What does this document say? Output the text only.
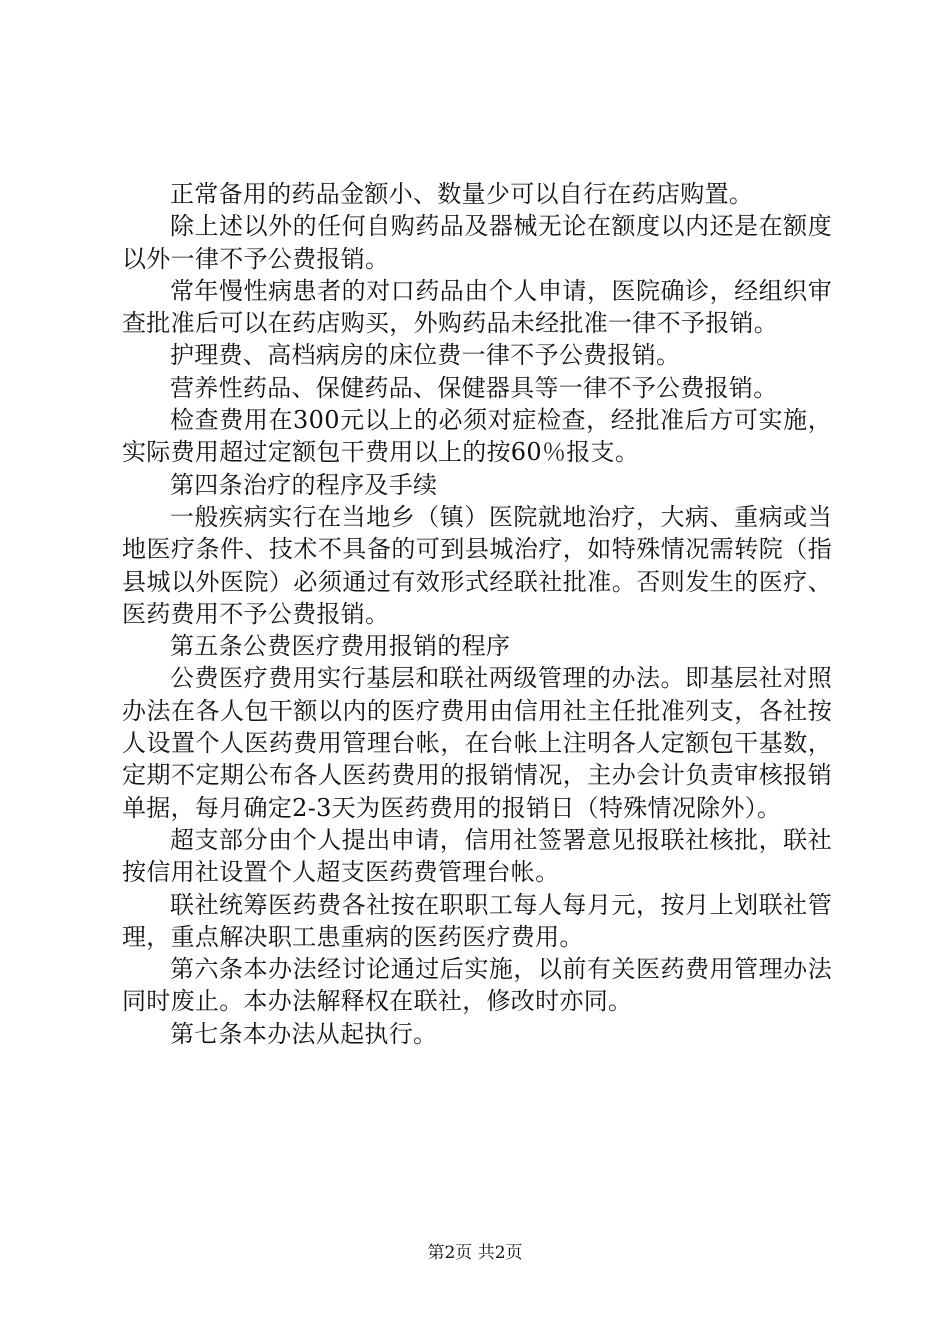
正常备用的药品金额小、数量少可以自行在药店购置。

除上述以外的任何自购药品及器械无论在额度以内还是在额度以外一律不予公费报销。

常年慢性病患者的对口药品由个人申请，医院确诊，经组织审查批准后可以在药店购买，外购药品未经批准一律不予报销。

护理费、高档病房的床位费一律不予公费报销。

营养性药品、保健药品、保健器具等一律不予公费报销。

检查费用在300元以上的必须对症检查，经批准后方可实施，实际费用超过定额包干费用以上的按60％报支。

第四条治疗的程序及手续

一般疾病实行在当地乡（镇）医院就地治疗，大病、重病或当地医疗条件、技术不具备的可到县城治疗，如特殊情况需转院（指县城以外医院）必须通过有效形式经联社批准。否则发生的医疗、医药费用不予公费报销。

第五条公费医疗费用报销的程序

公费医疗费用实行基层和联社两级管理的办法。即基层社对照办法在各人包干额以内的医疗费用由信用社主任批准列支，各社按人设置个人医药费用管理台帐，在台帐上注明各人定额包干基数，定期不定期公布各人医药费用的报销情况，主办会计负责审核报销单据，每月确定2-3天为医药费用的报销日（特殊情况除外）。

超支部分由个人提出申请，信用社签署意见报联社核批，联社按信用社设置个人超支医药费管理台帐。

联社统筹医药费各社按在职职工每人每月元，按月上划联社管理，重点解决职工患重病的医药医疗费用。

第六条本办法经讨论通过后实施，以前有关医药费用管理办法同时废止。本办法解释权在联社，修改时亦同。

第七条本办法从起执行。

第2页 共2页
